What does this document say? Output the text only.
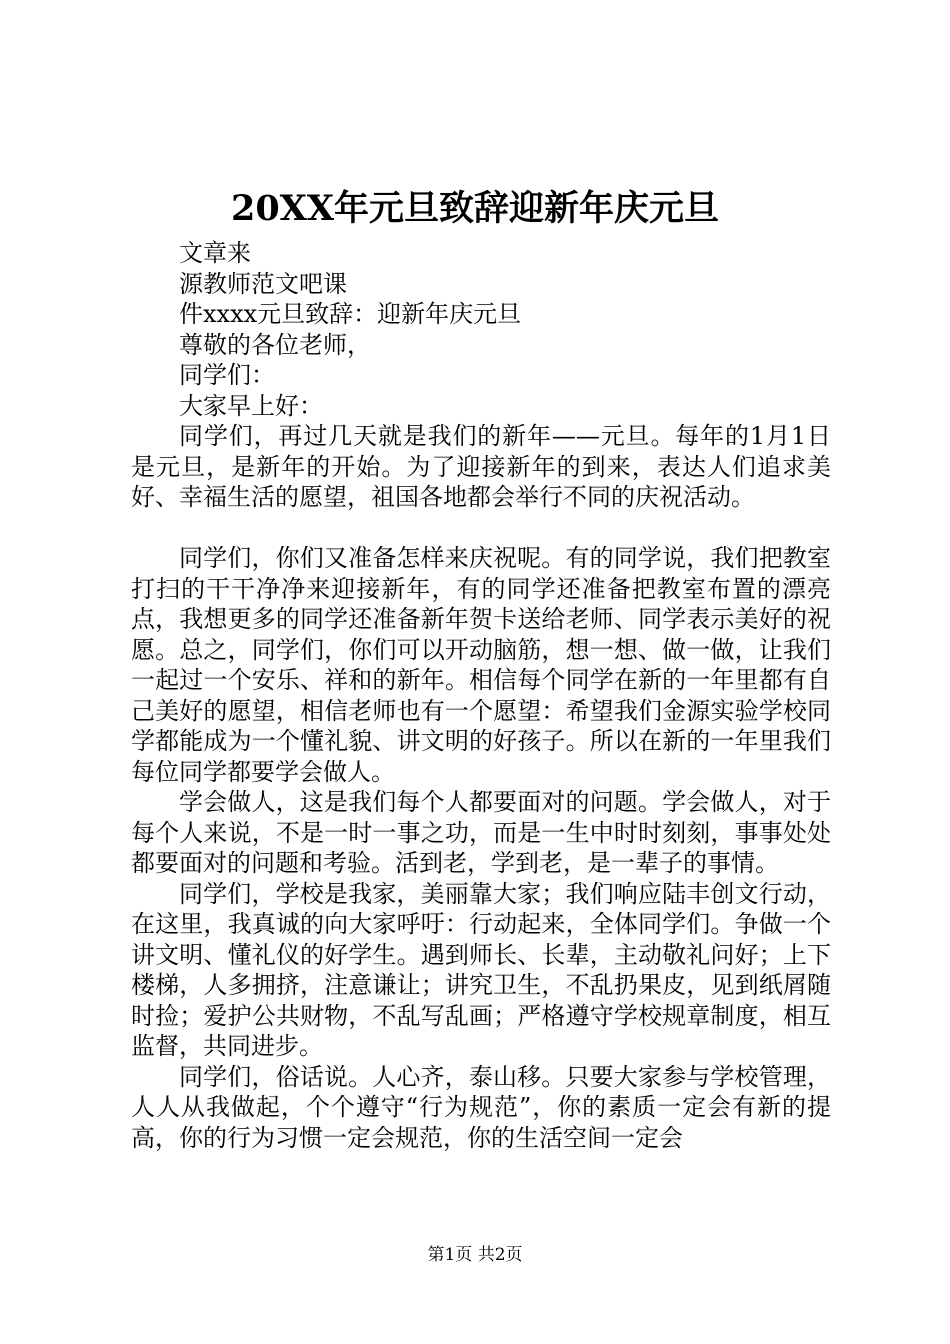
20XX年元旦致辞迎新年庆元旦
文章来
源教师范文吧课
件xxxx元旦致辞：迎新年庆元旦
尊敬的各位老师，
同学们：
大家早上好：
同学们，再过几天就是我们的新年——元旦。每年的1月1日是元旦，是新年的开始。为了迎接新年的到来，表达人们追求美好、幸福生活的愿望，祖国各地都会举行不同的庆祝活动。
同学们，你们又准备怎样来庆祝呢。有的同学说，我们把教室打扫的干干净净来迎接新年，有的同学还准备把教室布置的漂亮点，我想更多的同学还准备新年贺卡送给老师、同学表示美好的祝愿。总之，同学们，你们可以开动脑筋，想一想、做一做，让我们一起过一个安乐、祥和的新年。相信每个同学在新的一年里都有自己美好的愿望，相信老师也有一个愿望：希望我们金源实验学校同学都能成为一个懂礼貌、讲文明的好孩子。所以在新的一年里我们每位同学都要学会做人。
学会做人，这是我们每个人都要面对的问题。学会做人，对于每个人来说，不是一时一事之功，而是一生中时时刻刻，事事处处都要面对的问题和考验。活到老，学到老，是一辈子的事情。
同学们，学校是我家，美丽靠大家；我们响应陆丰创文行动，在这里，我真诚的向大家呼吁：行动起来，全体同学们。争做一个讲文明、懂礼仪的好学生。遇到师长、长辈，主动敬礼问好；上下楼梯，人多拥挤，注意谦让；讲究卫生，不乱扔果皮，见到纸屑随时捡；爱护公共财物，不乱写乱画；严格遵守学校规章制度，相互监督，共同进步。
同学们，俗话说。人心齐，泰山移。只要大家参与学校管理，人人从我做起，个个遵守“行为规范”，你的素质一定会有新的提高，你的行为习惯一定会规范，你的生活空间一定会
第1页 共2页
